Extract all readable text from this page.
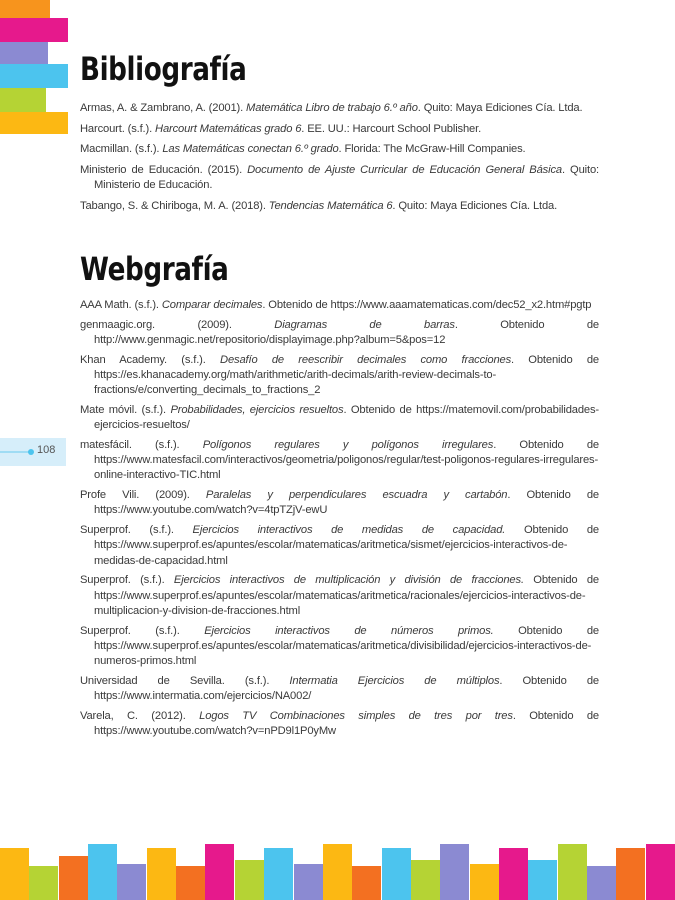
108
Bibliografía
Armas, A. & Zambrano, A. (2001). Matemática Libro de trabajo 6.º año. Quito: Maya Ediciones Cía. Ltda.
Harcourt. (s.f.). Harcourt Matemáticas grado 6. EE. UU.: Harcourt School Publisher.
Macmillan. (s.f.). Las Matemáticas conectan 6.º grado. Florida: The McGraw-Hill Companies.
Ministerio de Educación. (2015). Documento de Ajuste Curricular de Educación General Básica. Quito: Ministerio de Educación.
Tabango, S. & Chiriboga, M. A. (2018). Tendencias Matemática 6. Quito: Maya Ediciones Cía. Ltda.
Webgrafía
AAA Math. (s.f.). Comparar decimales. Obtenido de https://www.aaamatematicas.com/dec52_x2.htm#pgtp
genmaagic.org. (2009). Diagramas de barras. Obtenido de http://www.genmagic.net/repositorio/displayimage.php?album=5&pos=12
Khan Academy. (s.f.). Desafío de reescribir decimales como fracciones. Obtenido de https://es.khanacademy.org/math/arithmetic/arith-decimals/arith-review-decimals-to-fractions/e/converting_decimals_to_fractions_2
Mate móvil. (s.f.). Probabilidades, ejercicios resueltos. Obtenido de https://matemovil.com/probabilidades-ejercicios-resueltos/
matesfácil. (s.f.). Polígonos regulares y polígonos irregulares. Obtenido de https://www.matesfacil.com/interactivos/geometria/poligonos/regular/test-poligonos-regulares-irregulares-online-interactivo-TIC.html
Profe Vili. (2009). Paralelas y perpendiculares escuadra y cartabón. Obtenido de https://www.youtube.com/watch?v=4tpTZjV-ewU
Superprof. (s.f.). Ejercicios interactivos de medidas de capacidad. Obtenido de https://www.superprof.es/apuntes/escolar/matematicas/aritmetica/sismet/ejercicios-interactivos-de-medidas-de-capacidad.html
Superprof. (s.f.). Ejercicios interactivos de multiplicación y división de fracciones. Obtenido de https://www.superprof.es/apuntes/escolar/matematicas/aritmetica/racionales/ejercicios-interactivos-de-multiplicacion-y-division-de-fracciones.html
Superprof. (s.f.). Ejercicios interactivos de números primos. Obtenido de https://www.superprof.es/apuntes/escolar/matematicas/aritmetica/divisibilidad/ejercicios-interactivos-de-numeros-primos.html
Universidad de Sevilla. (s.f.). Intermatia Ejercicios de múltiplos. Obtenido de https://www.intermatia.com/ejercicios/NA002/
Varela, C. (2012). Logos TV Combinaciones simples de tres por tres. Obtenido de https://www.youtube.com/watch?v=nPD9l1P0yMw
